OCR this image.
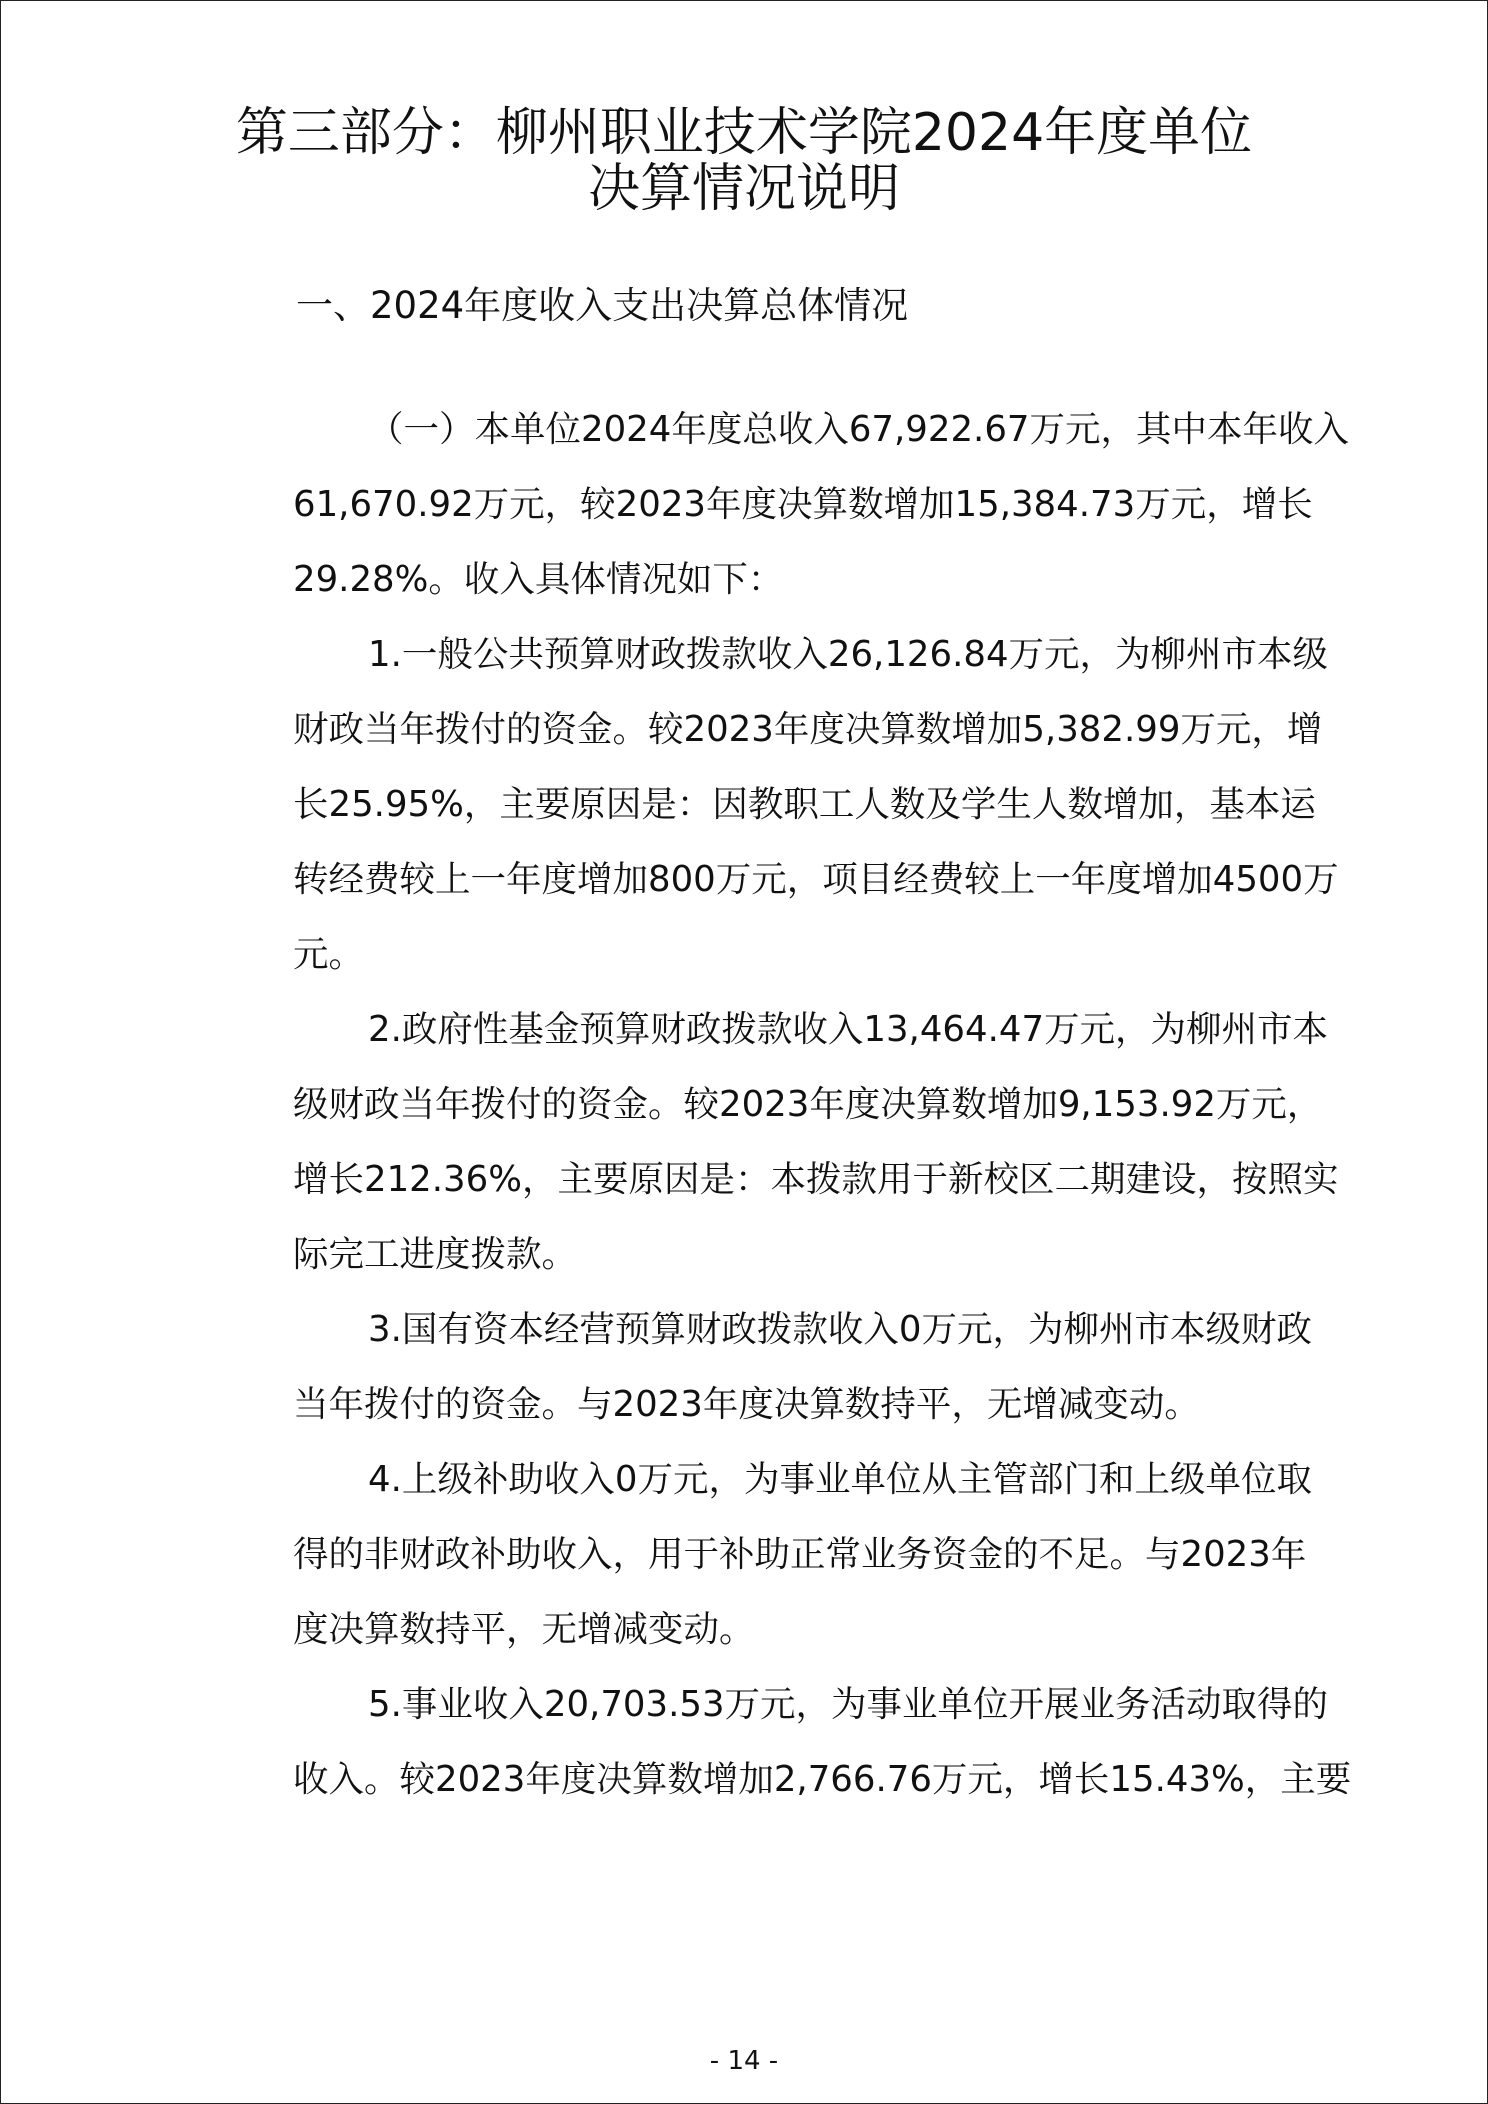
第三部分：柳州职业技术学院2024年度单位
决算情况说明
一、2024年度收入支出决算总体情况
（一）本单位2024年度总收入67,922.67万元，其中本年收入
61,670.92万元，较2023年度决算数增加15,384.73万元，增长
29.28%。收入具体情况如下：
1.一般公共预算财政拨款收入26,126.84万元，为柳州市本级
财政当年拨付的资金。较2023年度决算数增加5,382.99万元，增
长25.95%，主要原因是：因教职工人数及学生人数增加，基本运
转经费较上一年度增加800万元，项目经费较上一年度增加4500万
元。
2.政府性基金预算财政拨款收入13,464.47万元，为柳州市本
级财政当年拨付的资金。较2023年度决算数增加9,153.92万元，
增长212.36%，主要原因是：本拨款用于新校区二期建设，按照实
际完工进度拨款。
3.国有资本经营预算财政拨款收入0万元，为柳州市本级财政
当年拨付的资金。与2023年度决算数持平，无增减变动。
4.上级补助收入0万元，为事业单位从主管部门和上级单位取
得的非财政补助收入，用于补助正常业务资金的不足。与2023年
度决算数持平，无增减变动。
5.事业收入20,703.53万元，为事业单位开展业务活动取得的
收入。较2023年度决算数增加2,766.76万元，增长15.43%，主要
- 14 -
